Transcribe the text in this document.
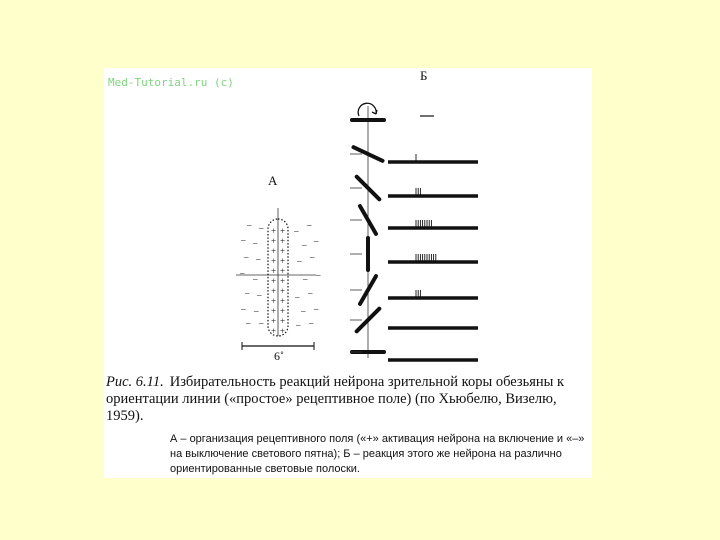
Med-Tutorial.ru (c)
А
+ +
+ +
+ +
+ +
+ +
+ +
+ +
+ +
+ +
+ +
+ +
– –
– –
– –
–
–
– –
– –
– –
–
–
–
–
–
–
–
–
–
–
–
–
–
–
6˚
Б
Рис. 6.11. Избирательность реакций нейрона зрительной коры обезьяны к ориентации линии («простое» рецептивное поле) (по Хьюбелю, Визелю, 1959).
А – организация рецептивного поля («+» активация нейрона на включение и «–» на выключение светового пятна); Б – реакция этого же нейрона на различно ориентированные световые полоски.
